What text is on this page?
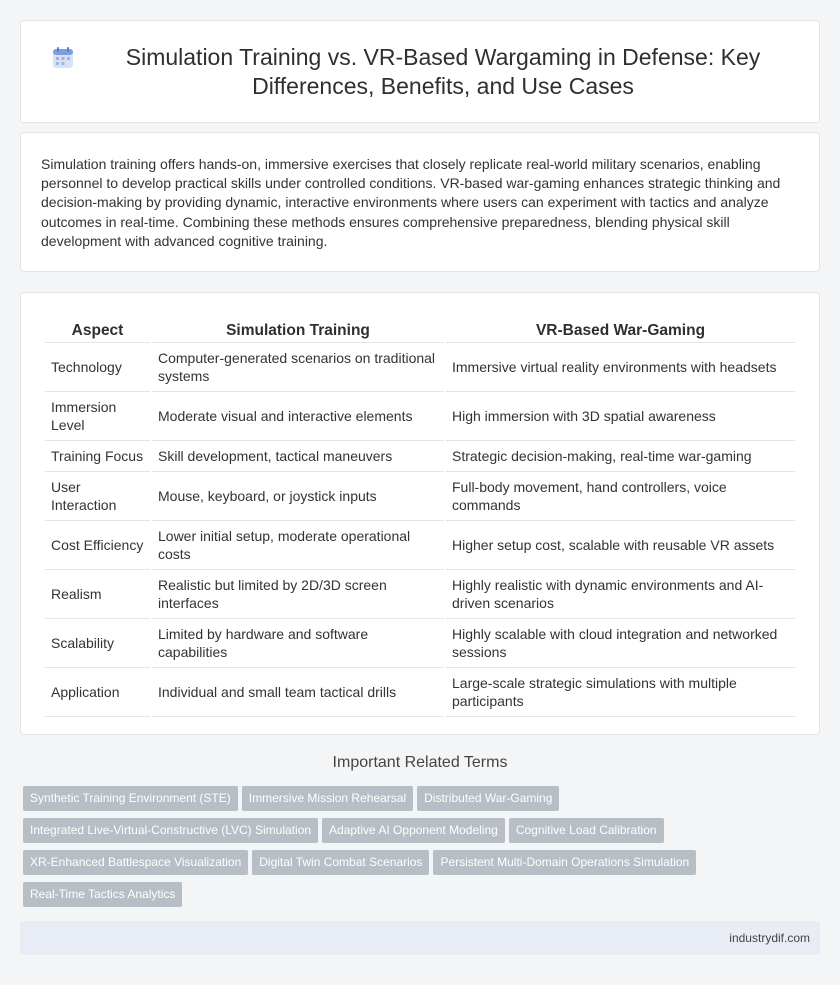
Simulation Training vs. VR-Based Wargaming in Defense: Key Differences, Benefits, and Use Cases

Simulation training offers hands-on, immersive exercises that closely replicate real-world military scenarios, enabling personnel to develop practical skills under controlled conditions. VR-based war-gaming enhances strategic thinking and decision-making by providing dynamic, interactive environments where users can experiment with tactics and analyze outcomes in real-time. Combining these methods ensures comprehensive preparedness, blending physical skill development with advanced cognitive training.

Aspect	Simulation Training	VR-Based War-Gaming
Technology	Computer-generated scenarios on traditional systems	Immersive virtual reality environments with headsets
Immersion Level	Moderate visual and interactive elements	High immersion with 3D spatial awareness
Training Focus	Skill development, tactical maneuvers	Strategic decision-making, real-time war-gaming
User Interaction	Mouse, keyboard, or joystick inputs	Full-body movement, hand controllers, voice commands
Cost Efficiency	Lower initial setup, moderate operational costs	Higher setup cost, scalable with reusable VR assets
Realism	Realistic but limited by 2D/3D screen interfaces	Highly realistic with dynamic environments and AI-driven scenarios
Scalability	Limited by hardware and software capabilities	Highly scalable with cloud integration and networked sessions
Application	Individual and small team tactical drills	Large-scale strategic simulations with multiple participants
Important Related Terms
Synthetic Training Environment (STE) Immersive Mission Rehearsal Distributed War-Gaming
Integrated Live-Virtual-Constructive (LVC) Simulation Adaptive AI Opponent Modeling Cognitive Load Calibration
XR-Enhanced Battlespace Visualization Digital Twin Combat Scenarios Persistent Multi-Domain Operations Simulation
Real-Time Tactics Analytics
industrydif.com
